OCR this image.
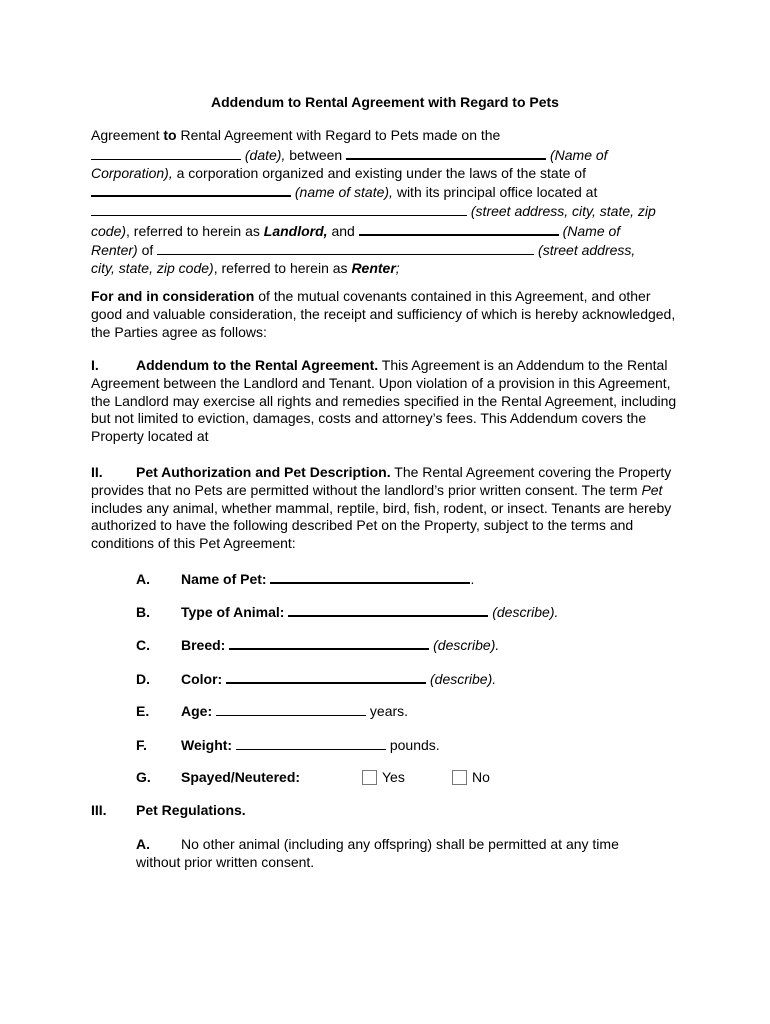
Addendum to Rental Agreement with Regard to Pets
Agreement to Rental Agreement with Regard to Pets made on the
(date), between	(Name of
Corporation), a corporation organized and existing under the laws of the state of
(name of state), with its principal office located at
(street address, city, state, zip
code), referred to herein as Landlord, and	(Name of
Renter) of	(street address,
city, state, zip code), referred to herein as Renter;
For and in consideration of the mutual covenants contained in this Agreement, and other good and valuable consideration, the receipt and sufficiency of which is hereby acknowledged, the Parties agree as follows:
I.	Addendum to the Rental Agreement. This Agreement is an Addendum to the Rental Agreement between the Landlord and Tenant. Upon violation of a provision in this Agreement, the Landlord may exercise all rights and remedies specified in the Rental Agreement, including but not limited to eviction, damages, costs and attorney’s fees. This Addendum covers the Property located at
II. Pet Authorization and Pet Description. The Rental Agreement covering the Property provides that no Pets are permitted without the landlord’s prior written consent. The term Pet includes any animal, whether mammal, reptile, bird, fish, rodent, or insect. Tenants are hereby authorized to have the following described Pet on the Property, subject to the terms and conditions of this Pet Agreement:
A. Name of Pet:	.
B. Type of Animal:	(describe).
C. Breed:	(describe).
D. Color:	(describe).
E. Age:	years.
F. Weight:	pounds.
G. Spayed/Neutered:	Yes	No
III. Pet Regulations.
A. No other animal (including any offspring) shall be permitted at any time without prior written consent.
